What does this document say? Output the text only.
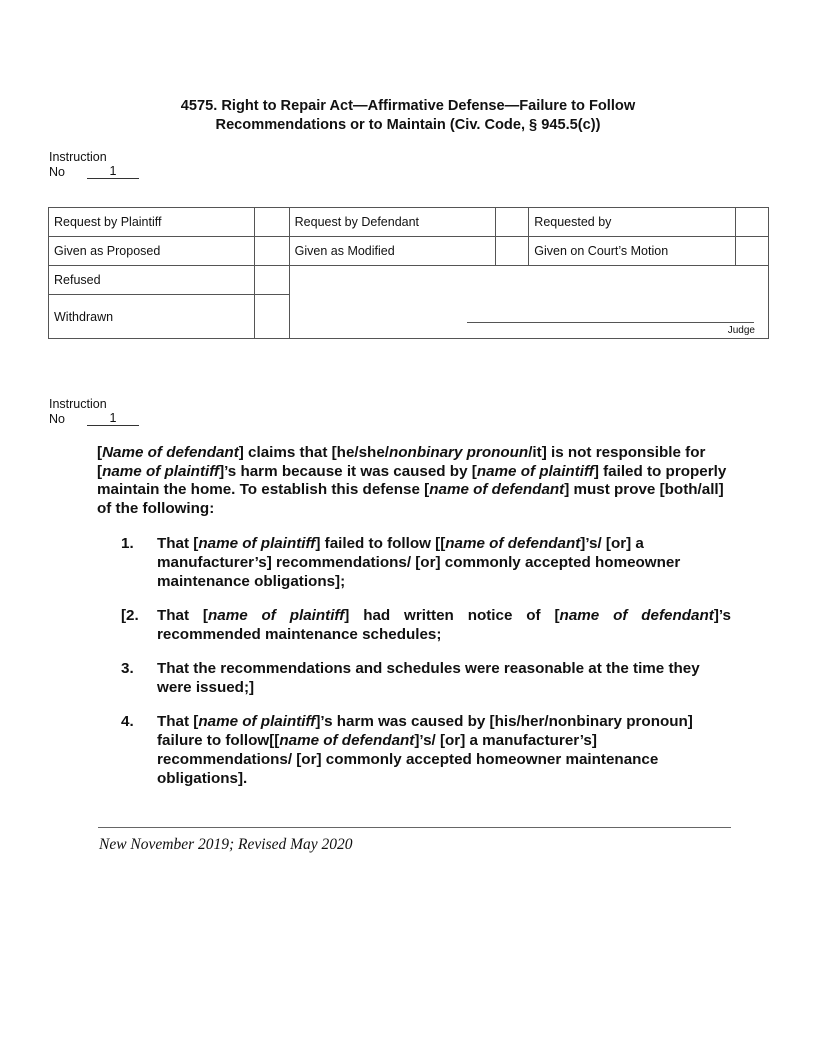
4575. Right to Repair Act—Affirmative Defense—Failure to Follow
Recommendations or to Maintain (Civ. Code, § 945.5(c))
Instruction
No	1
Request by Plaintiff		Request by Defendant		Requested by	
Given as Proposed		Given as Modified		Given on Court’s Motion	
Refused		Judge			

Withdrawn					
Instruction
No	1
[Name of defendant] claims that [he/she/nonbinary pronoun/it] is not responsible for [name of plaintiff]’s harm because it was caused by [name of plaintiff] failed to properly maintain the home. To establish this defense [name of defendant] must prove [both/all] of the following:
1.	That [name of plaintiff] failed to follow [[name of defendant]’s/ [or] a manufacturer’s] recommendations/ [or] commonly accepted homeowner maintenance obligations];
[2.	That [name of plaintiff] had written notice of [name of defendant]’s recommended maintenance schedules;
3.	That the recommendations and schedules were reasonable at the time they were issued;]
4.	That [name of plaintiff]’s harm was caused by [his/her/nonbinary pronoun] failure to follow[[name of defendant]’s/ [or] a manufacturer’s] recommendations/ [or] commonly accepted homeowner maintenance obligations].
New November 2019; Revised May 2020
